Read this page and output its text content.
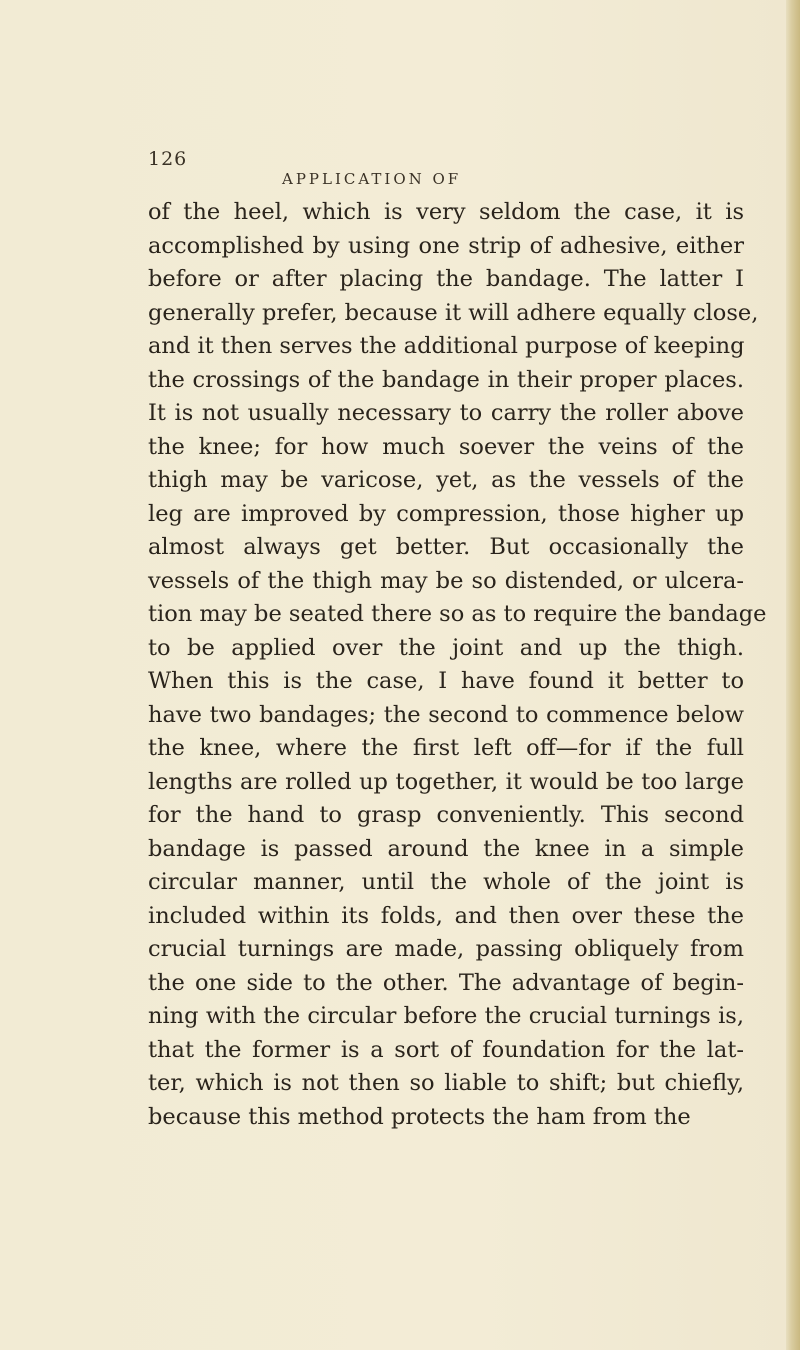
126
APPLICATION OF
of the heel, which is very seldom the case, it is
accomplished by using one strip of adhesive, either
before or after placing the bandage. The latter I
generally prefer, because it will adhere equally close,
and it then serves the additional purpose of keeping
the crossings of the bandage in their proper places.
It is not usually necessary to carry the roller above
the knee; for how much soever the veins of the
thigh may be varicose, yet, as the vessels of the
leg are improved by compression, those higher up
almost always get better. But occasionally the
vessels of the thigh may be so distended, or ulcera-
tion may be seated there so as to require the bandage
to be applied over the joint and up the thigh.
When this is the case, I have found it better to
have two bandages; the second to commence below
the knee, where the first left off—for if the full
lengths are rolled up together, it would be too large
for the hand to grasp conveniently. This second
bandage is passed around the knee in a simple
circular manner, until the whole of the joint is
included within its folds, and then over these the
crucial turnings are made, passing obliquely from
the one side to the other. The advantage of begin-
ning with the circular before the crucial turnings is,
that the former is a sort of foundation for the lat-
ter, which is not then so liable to shift; but chiefly,
because this method protects the ham from the
